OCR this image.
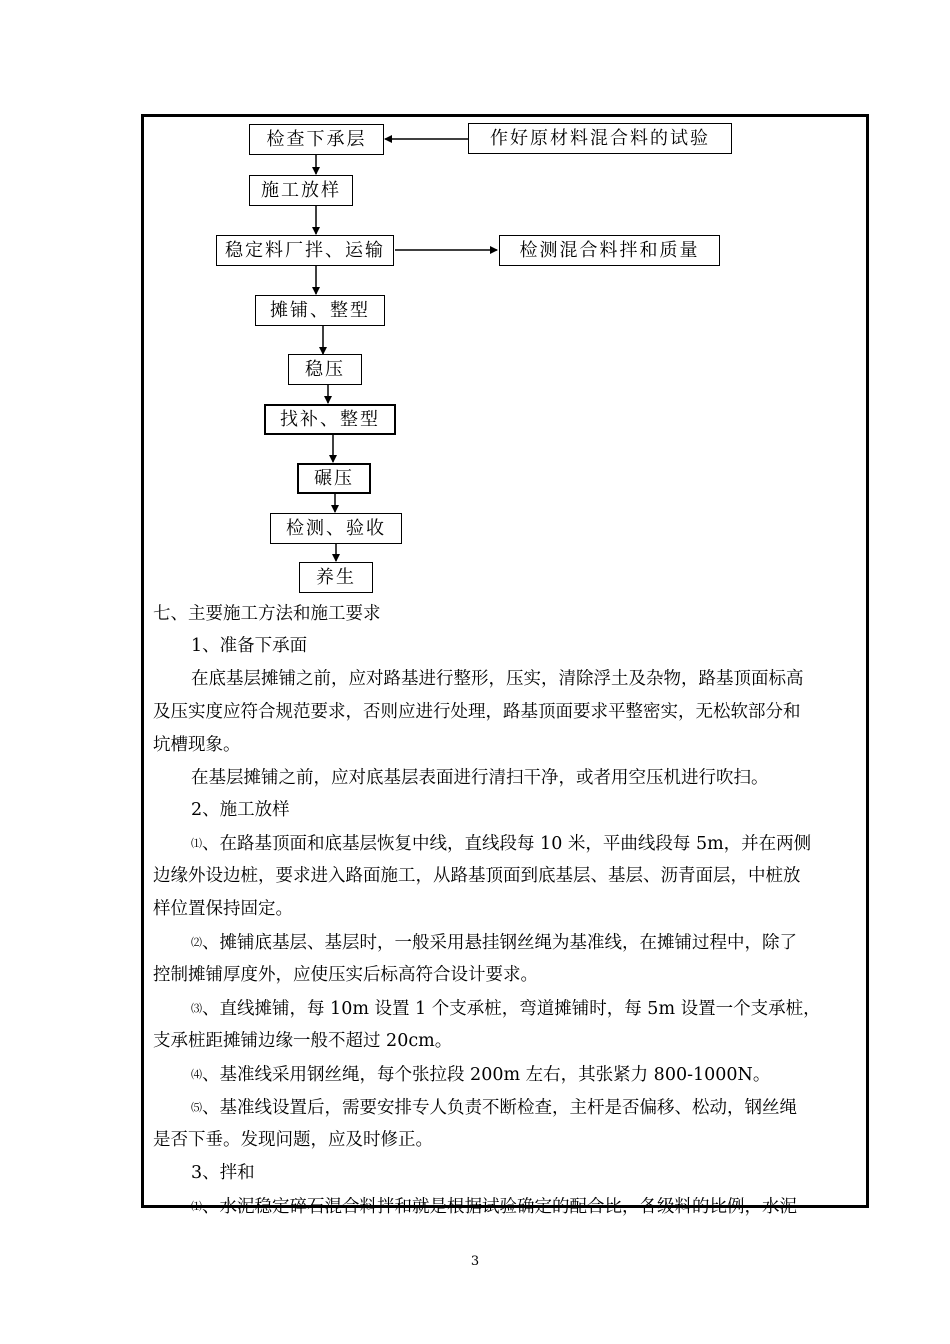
检查下承层	作好原材料混合料的试验
施工放样
稳定料厂拌、运输	检测混合料拌和质量
摊铺、整型
稳压
找补、整型
碾压
检测、验收
养生
七、主要施工方法和施工要求
1、准备下承面
在底基层摊铺之前，应对路基进行整形，压实，清除浮土及杂物，路基顶面标高
及压实度应符合规范要求，否则应进行处理，路基顶面要求平整密实，无松软部分和
坑槽现象。
在基层摊铺之前，应对底基层表面进行清扫干净，或者用空压机进行吹扫。
2、施工放样
⑴、在路基顶面和底基层恢复中线，直线段每 10 米，平曲线段每 5m，并在两侧
边缘外设边桩，要求进入路面施工，从路基顶面到底基层、基层、沥青面层，中桩放
样位置保持固定。
⑵、摊铺底基层、基层时，一般采用悬挂钢丝绳为基准线，在摊铺过程中，除了
控制摊铺厚度外，应使压实后标高符合设计要求。
⑶、直线摊铺，每 10m 设置 1 个支承桩，弯道摊铺时，每 5m 设置一个支承桩，
支承桩距摊铺边缘一般不超过 20cm。
⑷、基准线采用钢丝绳，每个张拉段 200m 左右，其张紧力 800-1000N。
⑸、基准线设置后，需要安排专人负责不断检查，主杆是否偏移、松动，钢丝绳
是否下垂。发现问题，应及时修正。
3、拌和
⑴、水泥稳定碎石混合料拌和就是根据试验确定的配合比，各级料的比例，水泥
3
